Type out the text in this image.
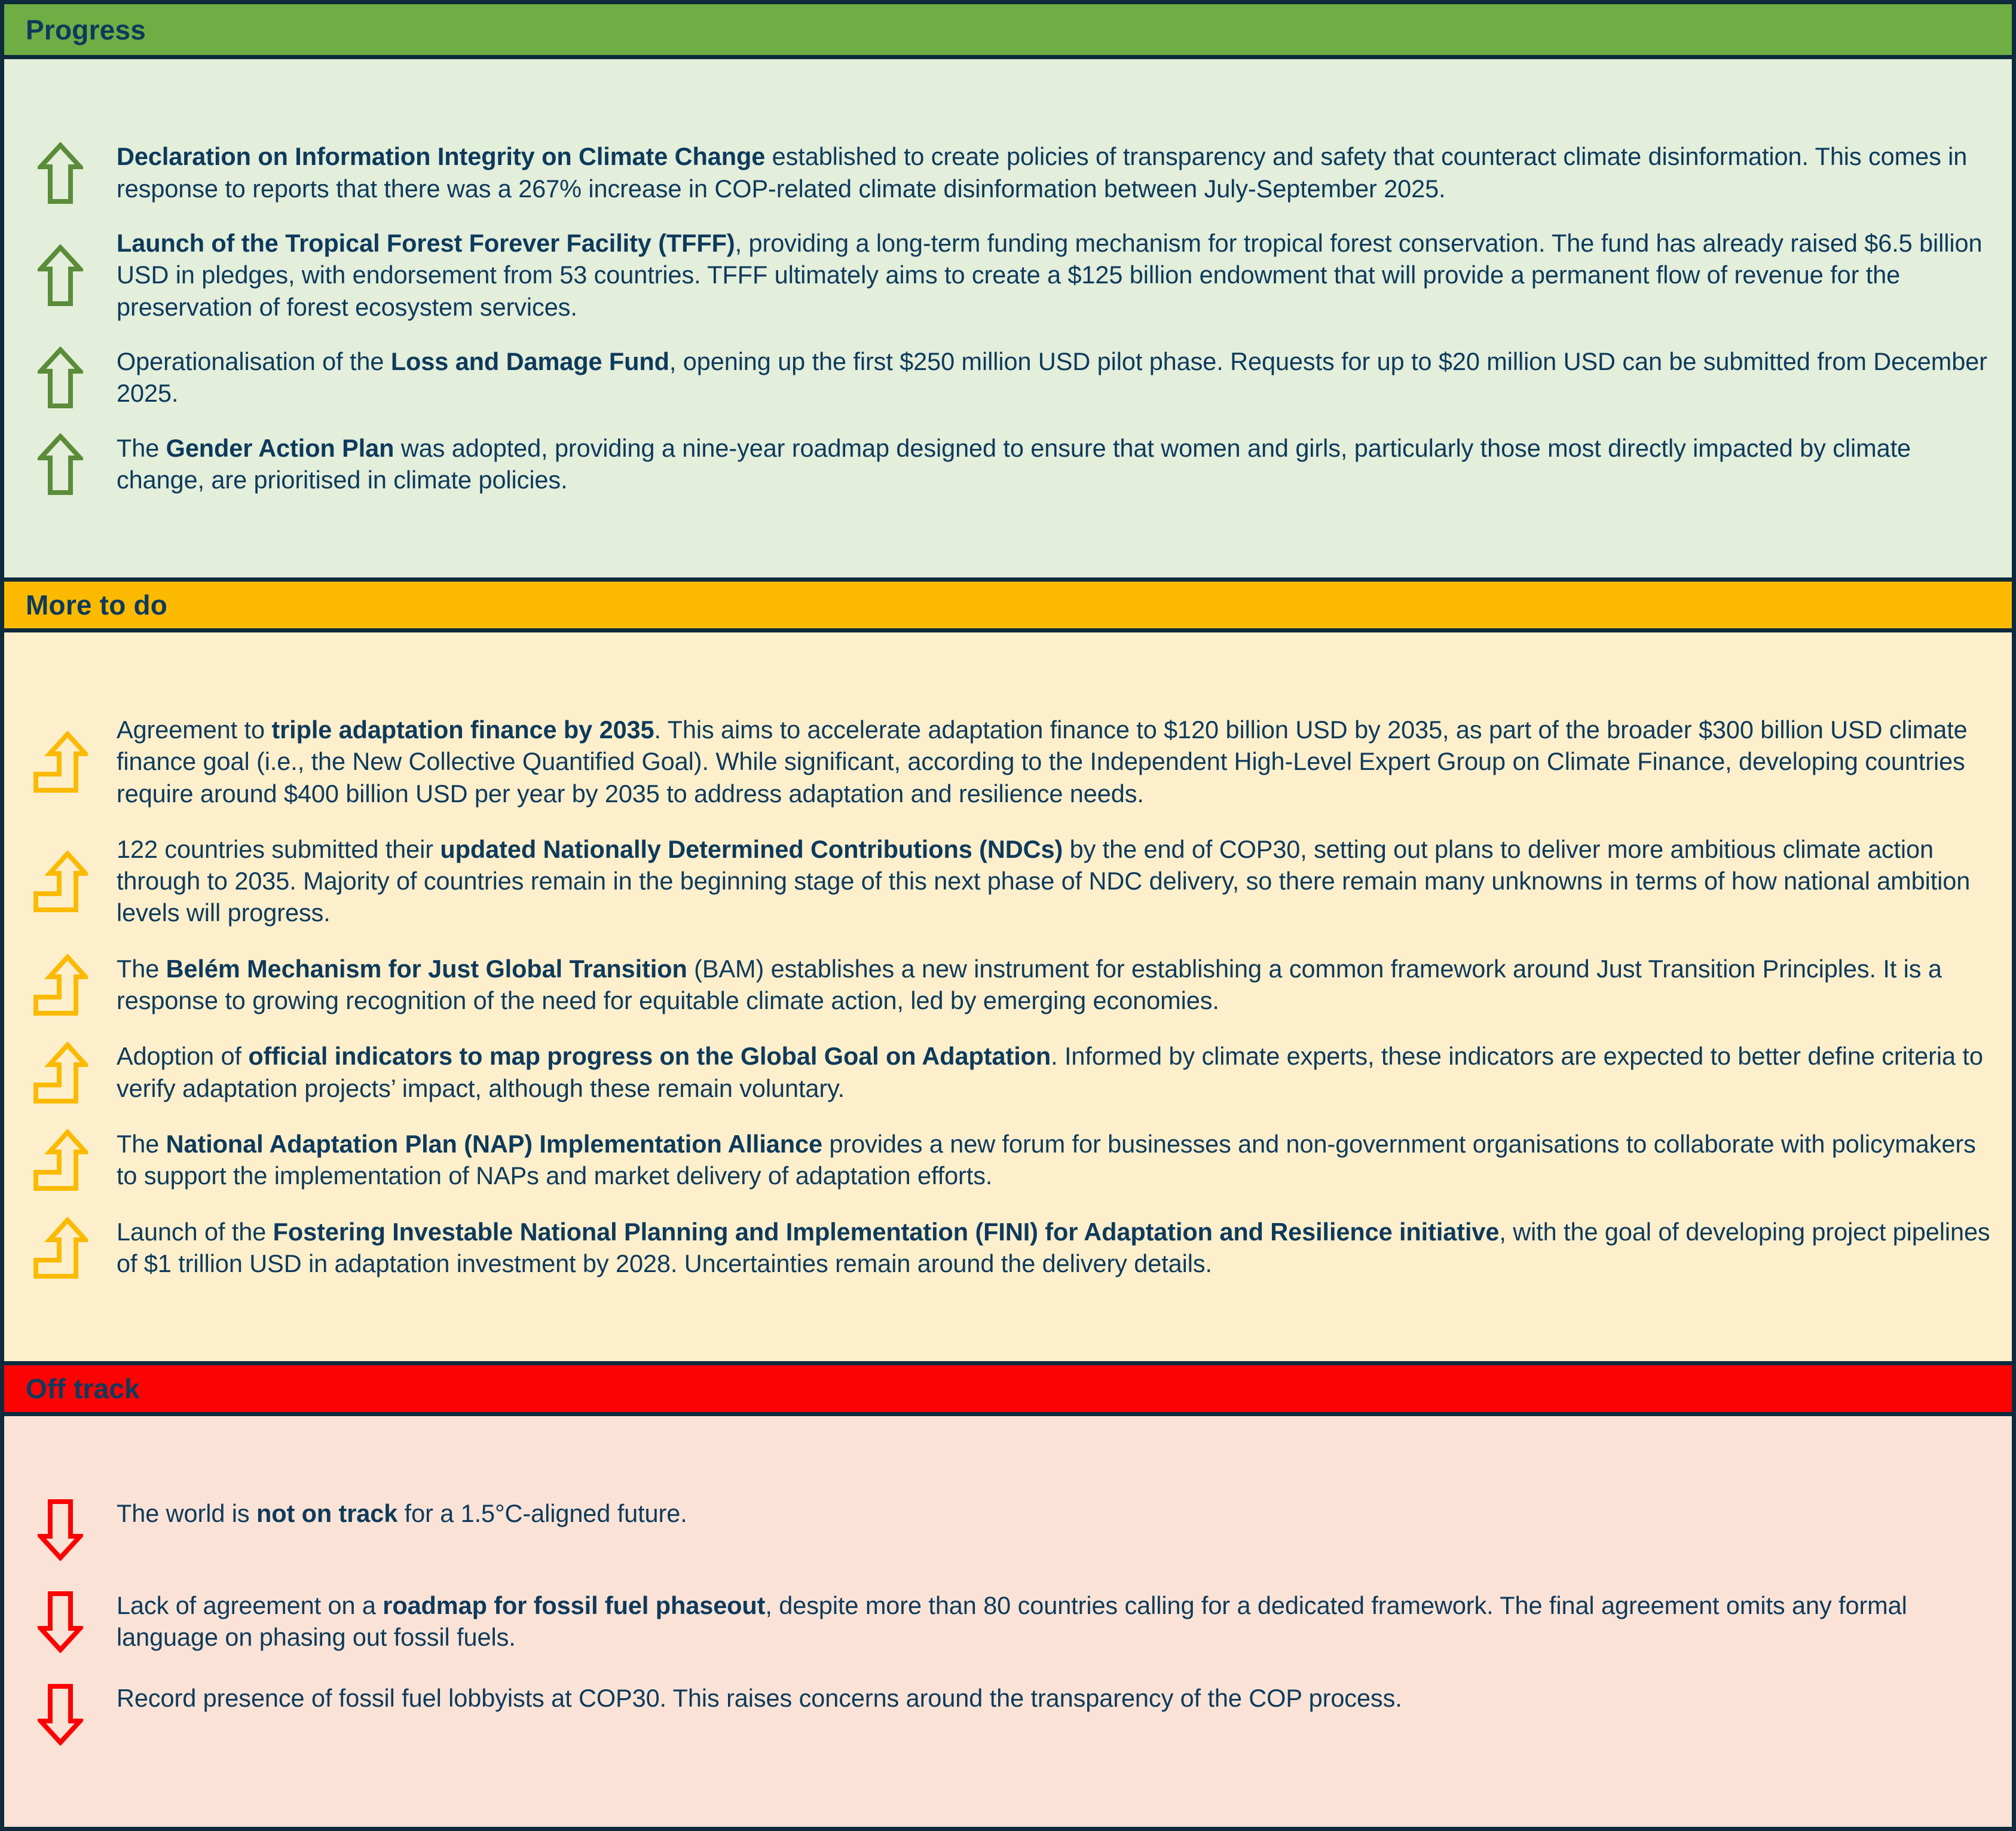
Progress
Declaration on Information Integrity on Climate Change established to create policies of transparency and safety that counteract climate disinformation. This comes in response to reports that there was a 267% increase in COP-related climate disinformation between July-September 2025.
Launch of the Tropical Forest Forever Facility (TFFF), providing a long-term funding mechanism for tropical forest conservation. The fund has already raised $6.5 billion USD in pledges, with endorsement from 53 countries. TFFF ultimately aims to create a $125 billion endowment that will provide a permanent flow of revenue for the preservation of forest ecosystem services.
Operationalisation of the Loss and Damage Fund, opening up the first $250 million USD pilot phase. Requests for up to $20 million USD can be submitted from December 2025.
The Gender Action Plan was adopted, providing a nine-year roadmap designed to ensure that women and girls, particularly those most directly impacted by climate change, are prioritised in climate policies.
More to do
Agreement to triple adaptation finance by 2035. This aims to accelerate adaptation finance to $120 billion USD by 2035, as part of the broader $300 billion USD climate finance goal (i.e., the New Collective Quantified Goal). While significant, according to the Independent High-Level Expert Group on Climate Finance, developing countries require around $400 billion USD per year by 2035 to address adaptation and resilience needs.
122 countries submitted their updated Nationally Determined Contributions (NDCs) by the end of COP30, setting out plans to deliver more ambitious climate action through to 2035. Majority of countries remain in the beginning stage of this next phase of NDC delivery, so there remain many unknowns in terms of how national ambition levels will progress.
The Belém Mechanism for Just Global Transition (BAM) establishes a new instrument for establishing a common framework around Just Transition Principles. It is a response to growing recognition of the need for equitable climate action, led by emerging economies.
Adoption of official indicators to map progress on the Global Goal on Adaptation. Informed by climate experts, these indicators are expected to better define criteria to verify adaptation projects’ impact, although these remain voluntary.
The National Adaptation Plan (NAP) Implementation Alliance provides a new forum for businesses and non-government organisations to collaborate with policymakers to support the implementation of NAPs and market delivery of adaptation efforts.
Launch of the Fostering Investable National Planning and Implementation (FINI) for Adaptation and Resilience initiative, with the goal of developing project pipelines of $1 trillion USD in adaptation investment by 2028. Uncertainties remain around the delivery details.
Off track
The world is not on track for a 1.5°C-aligned future.
Lack of agreement on a roadmap for fossil fuel phaseout, despite more than 80 countries calling for a dedicated framework. The final agreement omits any formal language on phasing out fossil fuels.
Record presence of fossil fuel lobbyists at COP30. This raises concerns around the transparency of the COP process.
